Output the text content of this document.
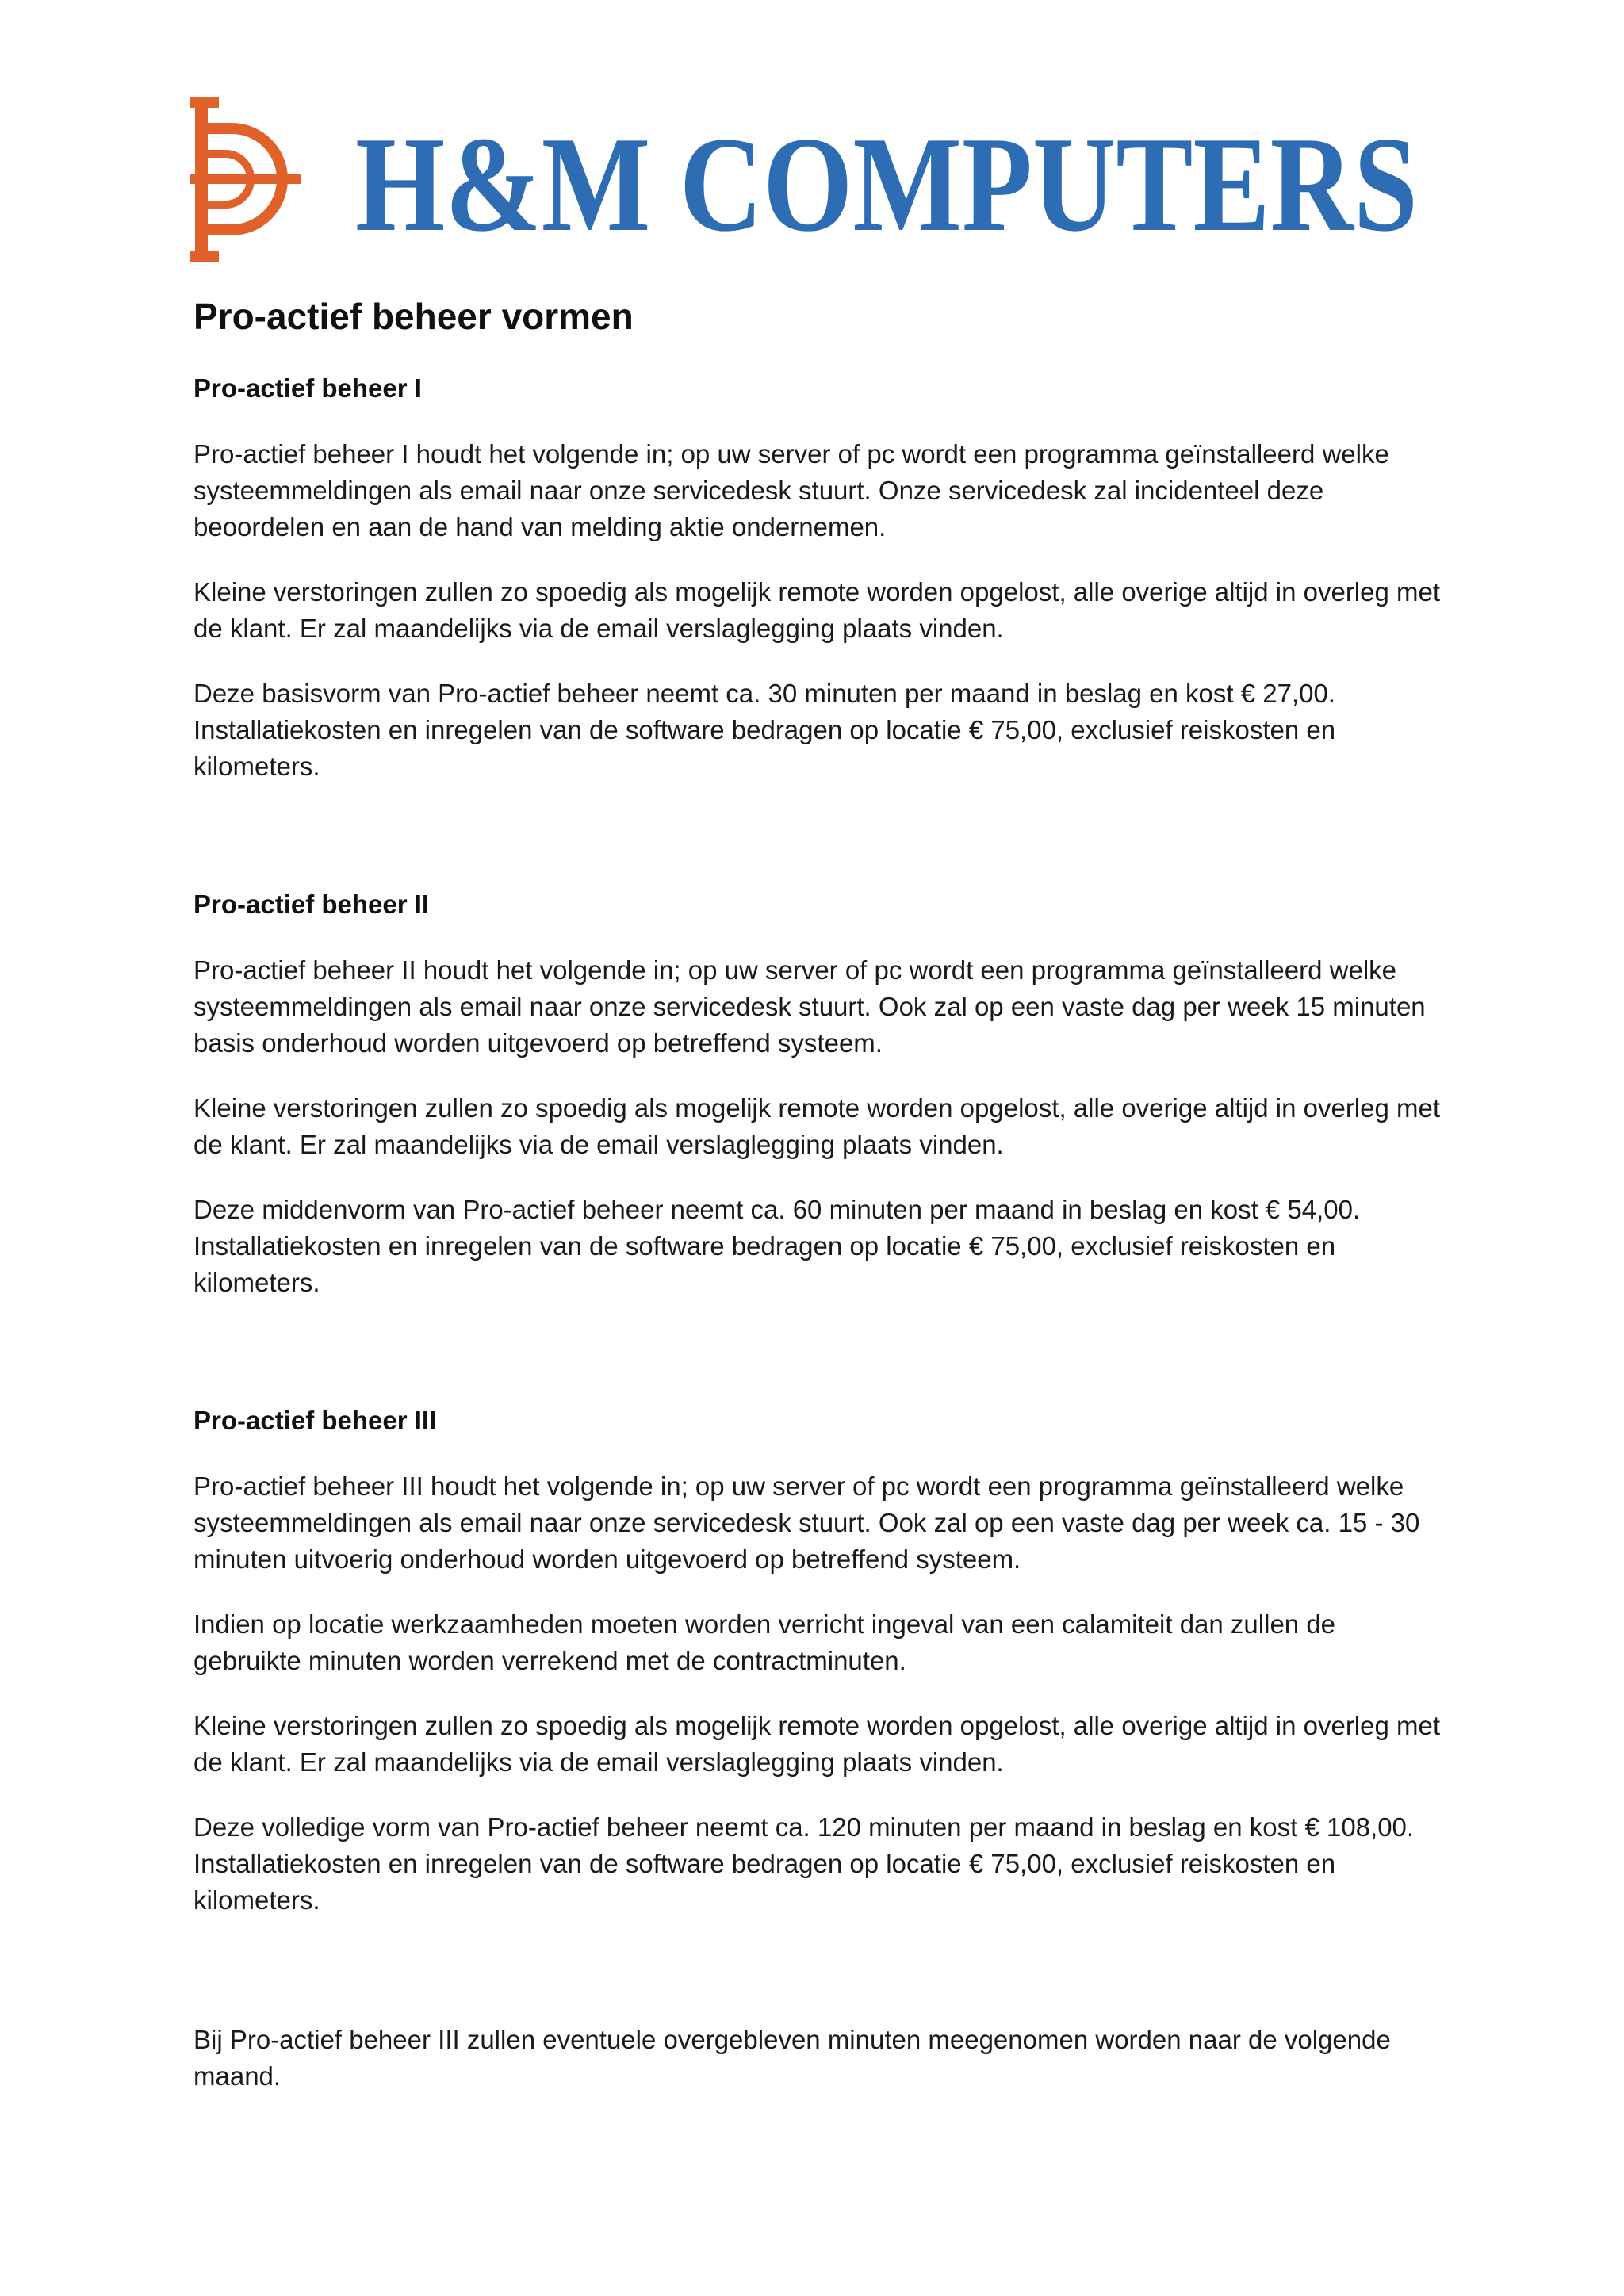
H&M COMPUTERS
Pro-actief beheer vormen
Pro-actief beheer I

Pro-actief beheer I houdt het volgende in; op uw server of pc wordt een programma geïnstalleerd welke systeemmeldingen als email naar onze servicedesk stuurt. Onze servicedesk zal incidenteel deze beoordelen en aan de hand van melding aktie ondernemen.

Kleine verstoringen zullen zo spoedig als mogelijk remote worden opgelost, alle overige altijd in overleg met de klant. Er zal maandelijks via de email verslaglegging plaats vinden.

Deze basisvorm van Pro-actief beheer neemt ca. 30 minuten per maand in beslag en kost € 27,00. Installatiekosten en inregelen van de software bedragen op locatie € 75,00, exclusief reiskosten en kilometers.

Pro-actief beheer II

Pro-actief beheer II houdt het volgende in; op uw server of pc wordt een programma geïnstalleerd welke systeemmeldingen als email naar onze servicedesk stuurt. Ook zal op een vaste dag per week 15 minuten basis onderhoud worden uitgevoerd op betreffend systeem.

Kleine verstoringen zullen zo spoedig als mogelijk remote worden opgelost, alle overige altijd in overleg met de klant. Er zal maandelijks via de email verslaglegging plaats vinden.

Deze middenvorm van Pro-actief beheer neemt ca. 60 minuten per maand in beslag en kost € 54,00. Installatiekosten en inregelen van de software bedragen op locatie € 75,00, exclusief reiskosten en kilometers.

Pro-actief beheer III

Pro-actief beheer III houdt het volgende in; op uw server of pc wordt een programma geïnstalleerd welke systeemmeldingen als email naar onze servicedesk stuurt. Ook zal op een vaste dag per week ca. 15 - 30 minuten uitvoerig onderhoud worden uitgevoerd op betreffend systeem.

Indien op locatie werkzaamheden moeten worden verricht ingeval van een calamiteit dan zullen de gebruikte minuten worden verrekend met de contractminuten.

Kleine verstoringen zullen zo spoedig als mogelijk remote worden opgelost, alle overige altijd in overleg met de klant. Er zal maandelijks via de email verslaglegging plaats vinden.

Deze volledige vorm van Pro-actief beheer neemt ca. 120 minuten per maand in beslag en kost € 108,00. Installatiekosten en inregelen van de software bedragen op locatie € 75,00, exclusief reiskosten en kilometers.

Bij Pro-actief beheer III zullen eventuele overgebleven minuten meegenomen worden naar de volgende maand.
